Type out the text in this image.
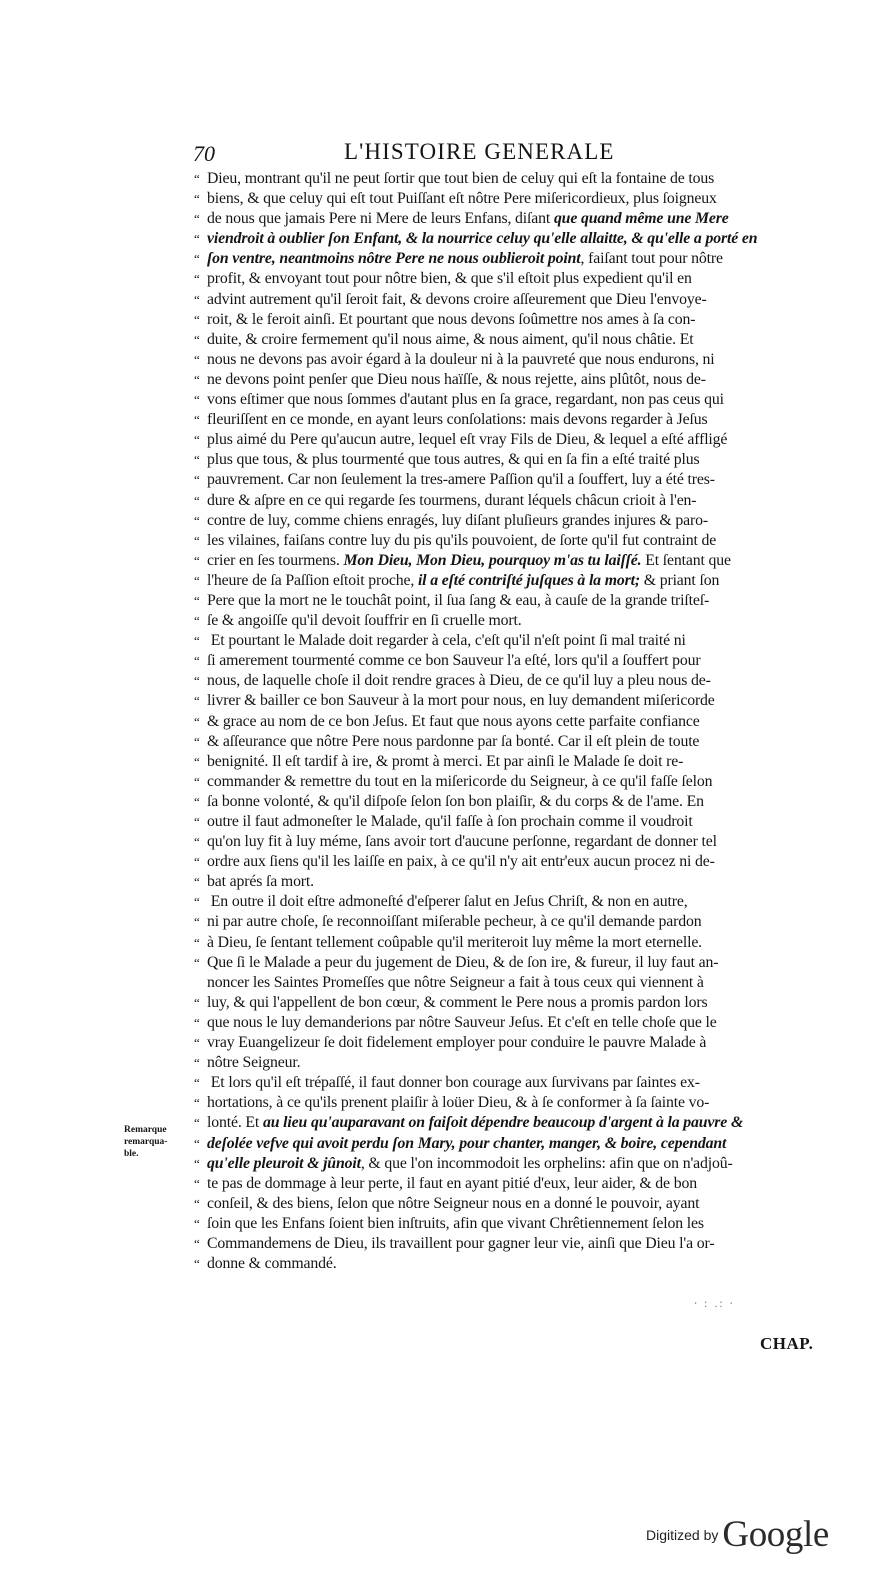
70	L'HISTOIRE GENERALE
“ Dieu, montrant qu'il ne peut ſortir que tout bien de celuy qui eſt la fontaine de tous
“ biens, & que celuy qui eſt tout Puiſſant eſt nôtre Pere miſericordieux, plus ſoigneux
“ de nous que jamais Pere ni Mere de leurs Enfans, diſant que quand même une Mere
“ viendroit à oublier ſon Enfant, & la nourrice celuy qu'elle allaitte, & qu'elle a porté en
“ ſon ventre, neantmoins nôtre Pere ne nous oublieroit point, faiſant tout pour nôtre
“ profit, & envoyant tout pour nôtre bien, & que s'il eſtoit plus expedient qu'il en
“ advint autrement qu'il ſeroit fait, & devons croire aſſeurement que Dieu l'envoye-
“ roit, & le feroit ainſi. Et pourtant que nous devons ſoûmettre nos ames à ſa con-
“ duite, & croire fermement qu'il nous aime, & nous aiment, qu'il nous châtie. Et
“ nous ne devons pas avoir égard à la douleur ni à la pauvreté que nous endurons, ni
“ ne devons point penſer que Dieu nous haïſſe, & nous rejette, ains plûtôt, nous de-
“ vons eſtimer que nous ſommes d'autant plus en ſa grace, regardant, non pas ceus qui
“ fleuriſſent en ce monde, en ayant leurs conſolations: mais devons regarder à Jeſus
“ plus aimé du Pere qu'aucun autre, lequel eſt vray Fils de Dieu, & lequel a eſté affligé
“ plus que tous, & plus tourmenté que tous autres, & qui en ſa fin a eſté traité plus
“ pauvrement. Car non ſeulement la tres-amere Paſſion qu'il a ſouffert, luy a été tres-
“ dure & aſpre en ce qui regarde ſes tourmens, durant léquels châcun crioit à l'en-
“ contre de luy, comme chiens enragés, luy diſant pluſieurs grandes injures & paro-
“ les vilaines, faiſans contre luy du pis qu'ils pouvoient, de ſorte qu'il fut contraint de
“ crier en ſes tourmens. Mon Dieu, Mon Dieu, pourquoy m'as tu laiſſé. Et ſentant que
“ l'heure de ſa Paſſion eſtoit proche, il a eſté contriſté juſques à la mort; & priant ſon
“ Pere que la mort ne le touchât point, il ſua ſang & eau, à cauſe de la grande triſteſ-
“ ſe & angoiſſe qu'il devoit ſouffrir en ſi cruelle mort.
“ Et pourtant le Malade doit regarder à cela, c'eſt qu'il n'eſt point ſi mal traité ni
“ ſi amerement tourmenté comme ce bon Sauveur l'a eſté, lors qu'il a ſouffert pour
“ nous, de laquelle choſe il doit rendre graces à Dieu, de ce qu'il luy a pleu nous de-
“ livrer & bailler ce bon Sauveur à la mort pour nous, en luy demandent miſericorde
“ & grace au nom de ce bon Jeſus. Et faut que nous ayons cette parfaite confiance
“ & aſſeurance que nôtre Pere nous pardonne par ſa bonté. Car il eſt plein de toute
“ benignité. Il eſt tardif à ire, & promt à merci. Et par ainſi le Malade ſe doit re-
“ commander & remettre du tout en la miſericorde du Seigneur, à ce qu'il faſſe ſelon
“ ſa bonne volonté, & qu'il diſpoſe ſelon ſon bon plaiſir, & du corps & de l'ame. En
“ outre il faut admoneſter le Malade, qu'il faſſe à ſon prochain comme il voudroit
“ qu'on luy fit à luy méme, ſans avoir tort d'aucune perſonne, regardant de donner tel
“ ordre aux ſiens qu'il les laiſſe en paix, à ce qu'il n'y ait entr'eux aucun procez ni de-
“ bat aprés ſa mort.
“ En outre il doit eſtre admoneſté d'eſperer ſalut en Jeſus Chriſt, & non en autre,
“ ni par autre choſe, ſe reconnoiſſant miſerable pecheur, à ce qu'il demande pardon
“ à Dieu, ſe ſentant tellement coûpable qu'il meriteroit luy même la mort eternelle.
“ Que ſi le Malade a peur du jugement de Dieu, & de ſon ire, & fureur, il luy faut an-
noncer les Saintes Promeſſes que nôtre Seigneur a fait à tous ceux qui viennent à
“ luy, & qui l'appellent de bon cœur, & comment le Pere nous a promis pardon lors
“ que nous le luy demanderions par nôtre Sauveur Jeſus. Et c'eſt en telle choſe que le
“ vray Euangelizeur ſe doit fidelement employer pour conduire le pauvre Malade à
“ nôtre Seigneur.
“ Et lors qu'il eſt trépaſſé, il faut donner bon courage aux ſurvivans par ſaintes ex-
“ hortations, à ce qu'ils prenent plaiſir à loüer Dieu, & à ſe conformer à ſa ſainte vo-
“ lonté. Et au lieu qu'auparavant on faiſoit dépendre beaucoup d'argent à la pauvre &
“ deſolée vefve qui avoit perdu ſon Mary, pour chanter, manger, & boire, cependant
“ qu'elle pleuroit & jûnoit, & que l'on incommodoit les orphelins: afin que on n'adjoû-
“ te pas de dommage à leur perte, il faut en ayant pitié d'eux, leur aider, & de bon
“ conſeil, & des biens, ſelon que nôtre Seigneur nous en a donné le pouvoir, ayant
“ ſoin que les Enfans ſoient bien inſtruits, afin que vivant Chrêtiennement ſelon les
“ Commandemens de Dieu, ils travaillent pour gagner leur vie, ainſi que Dieu l'a or-
“ donne & commandé.
Remarque
remarqua-
ble.
∙ : .: ∙
CHAP.
Digitized by Google
